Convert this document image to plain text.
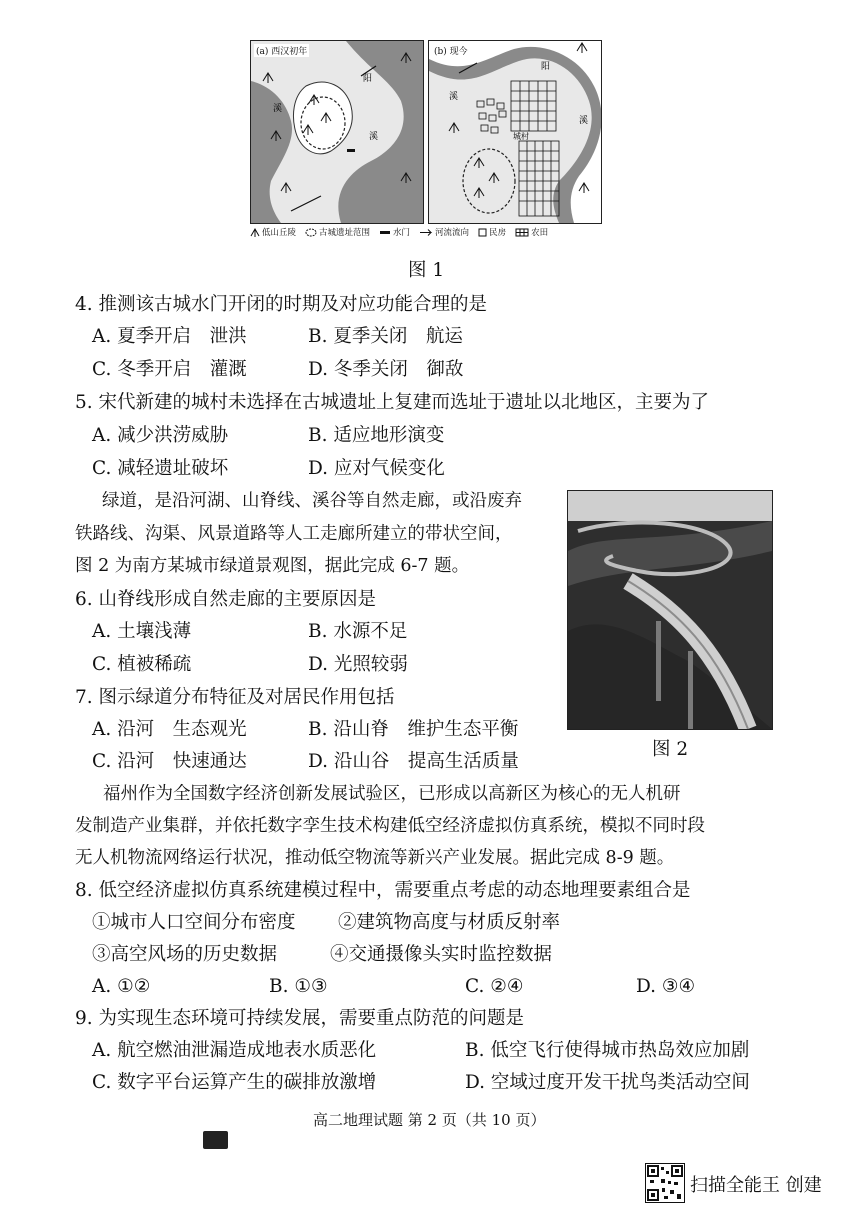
阳
溪
溪
(a) 西汉初年
阳
溪
溪
城村
(b) 现今
低山丘陵	古城遗址范围	水门	河流流向 民房	农田
图 1
4. 推测该古城水门开闭的时期及对应功能合理的是
A. 夏季开启　泄洪	B. 夏季关闭　航运
C. 冬季开启　灌溉	D. 冬季关闭　御敌
5. 宋代新建的城村未选择在古城遗址上复建而选址于遗址以北地区，主要为了
A. 减少洪涝威胁	B. 适应地形演变
C. 减轻遗址破坏	D. 应对气候变化
绿道，是沿河湖、山脊线、溪谷等自然走廊，或沿废弃
铁路线、沟渠、风景道路等人工走廊所建立的带状空间，
图 2 为南方某城市绿道景观图，据此完成 6-7 题。
图 2
6. 山脊线形成自然走廊的主要原因是
A. 土壤浅薄	B. 水源不足
C. 植被稀疏	D. 光照较弱
7. 图示绿道分布特征及对居民作用包括
A. 沿河　生态观光	B. 沿山脊　维护生态平衡
C. 沿河　快速通达	D. 沿山谷　提高生活质量
福州作为全国数字经济创新发展试验区，已形成以高新区为核心的无人机研
发制造产业集群，并依托数字孪生技术构建低空经济虚拟仿真系统，模拟不同时段
无人机物流网络运行状况，推动低空物流等新兴产业发展。据此完成 8-9 题。
8. 低空经济虚拟仿真系统建模过程中，需要重点考虑的动态地理要素组合是
①城市人口空间分布密度 ②建筑物高度与材质反射率
③高空风场的历史数据	④交通摄像头实时监控数据
A. ①②	B. ①③	C. ②④	D. ③④
9. 为实现生态环境可持续发展，需要重点防范的问题是
A. 航空燃油泄漏造成地表水质恶化	B. 低空飞行使得城市热岛效应加剧
C. 数字平台运算产生的碳排放激增	D. 空域过度开发干扰鸟类活动空间
高二地理试题 第 2 页（共 10 页）
扫描全能王 创建
